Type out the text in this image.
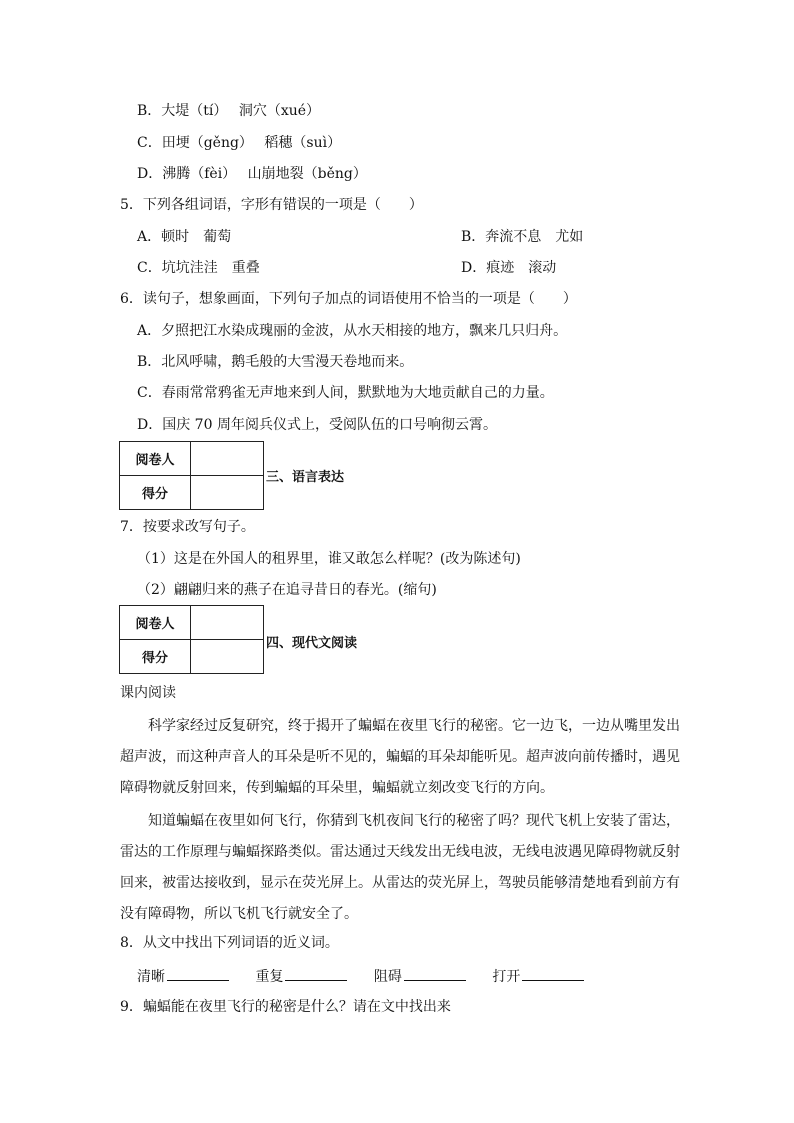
B．大堤（tí）　 洞穴（xué）
C．田埂（gěng）　 稻穗（suì）
D．沸腾（fèi）　 山崩地裂（běng）
5．下列各组词语，字形有错误的一项是（　　）
A．顿时　葡萄	B．奔流不息　尤如
C．坑坑洼洼　重叠	D．痕迹　滚动
6．读句子，想象画面，下列句子加点的词语使用不恰当的一项是（　　）
A．夕照把江水染成瑰丽的金波，从水天相接的地方，飘来几只归舟。
B．北风呼啸，鹅毛般的大雪漫天卷地而来。
C．春雨常常鸦雀无声地来到人间，默默地为大地贡献自己的力量。
D．国庆 70 周年阅兵仪式上，受阅队伍的口号响彻云霄。
阅卷人	
得分	
三、语言表达
7．按要求改写句子。
（1）这是在外国人的租界里，谁又敢怎么样呢？(改为陈述句)
（2）翩翩归来的燕子在追寻昔日的春光。(缩句)
阅卷人	
得分	
四、现代文阅读
课内阅读
科学家经过反复研究，终于揭开了蝙蝠在夜里飞行的秘密。它一边飞，一边从嘴里发出超声波，而这种声音人的耳朵是听不见的，蝙蝠的耳朵却能听见。超声波向前传播时，遇见障碍物就反射回来，传到蝙蝠的耳朵里，蝙蝠就立刻改变飞行的方向。
知道蝙蝠在夜里如何飞行，你猜到飞机夜间飞行的秘密了吗？现代飞机上安装了雷达，雷达的工作原理与蝙蝠探路类似。雷达通过天线发出无线电波，无线电波遇见障碍物就反射回来，被雷达接收到，显示在荧光屏上。从雷达的荧光屏上，驾驶员能够清楚地看到前方有没有障碍物，所以飞机飞行就安全了。
8．从文中找出下列词语的近义词。
清晰	重复	阻碍	打开
9．蝙蝠能在夜里飞行的秘密是什么？请在文中找出来
